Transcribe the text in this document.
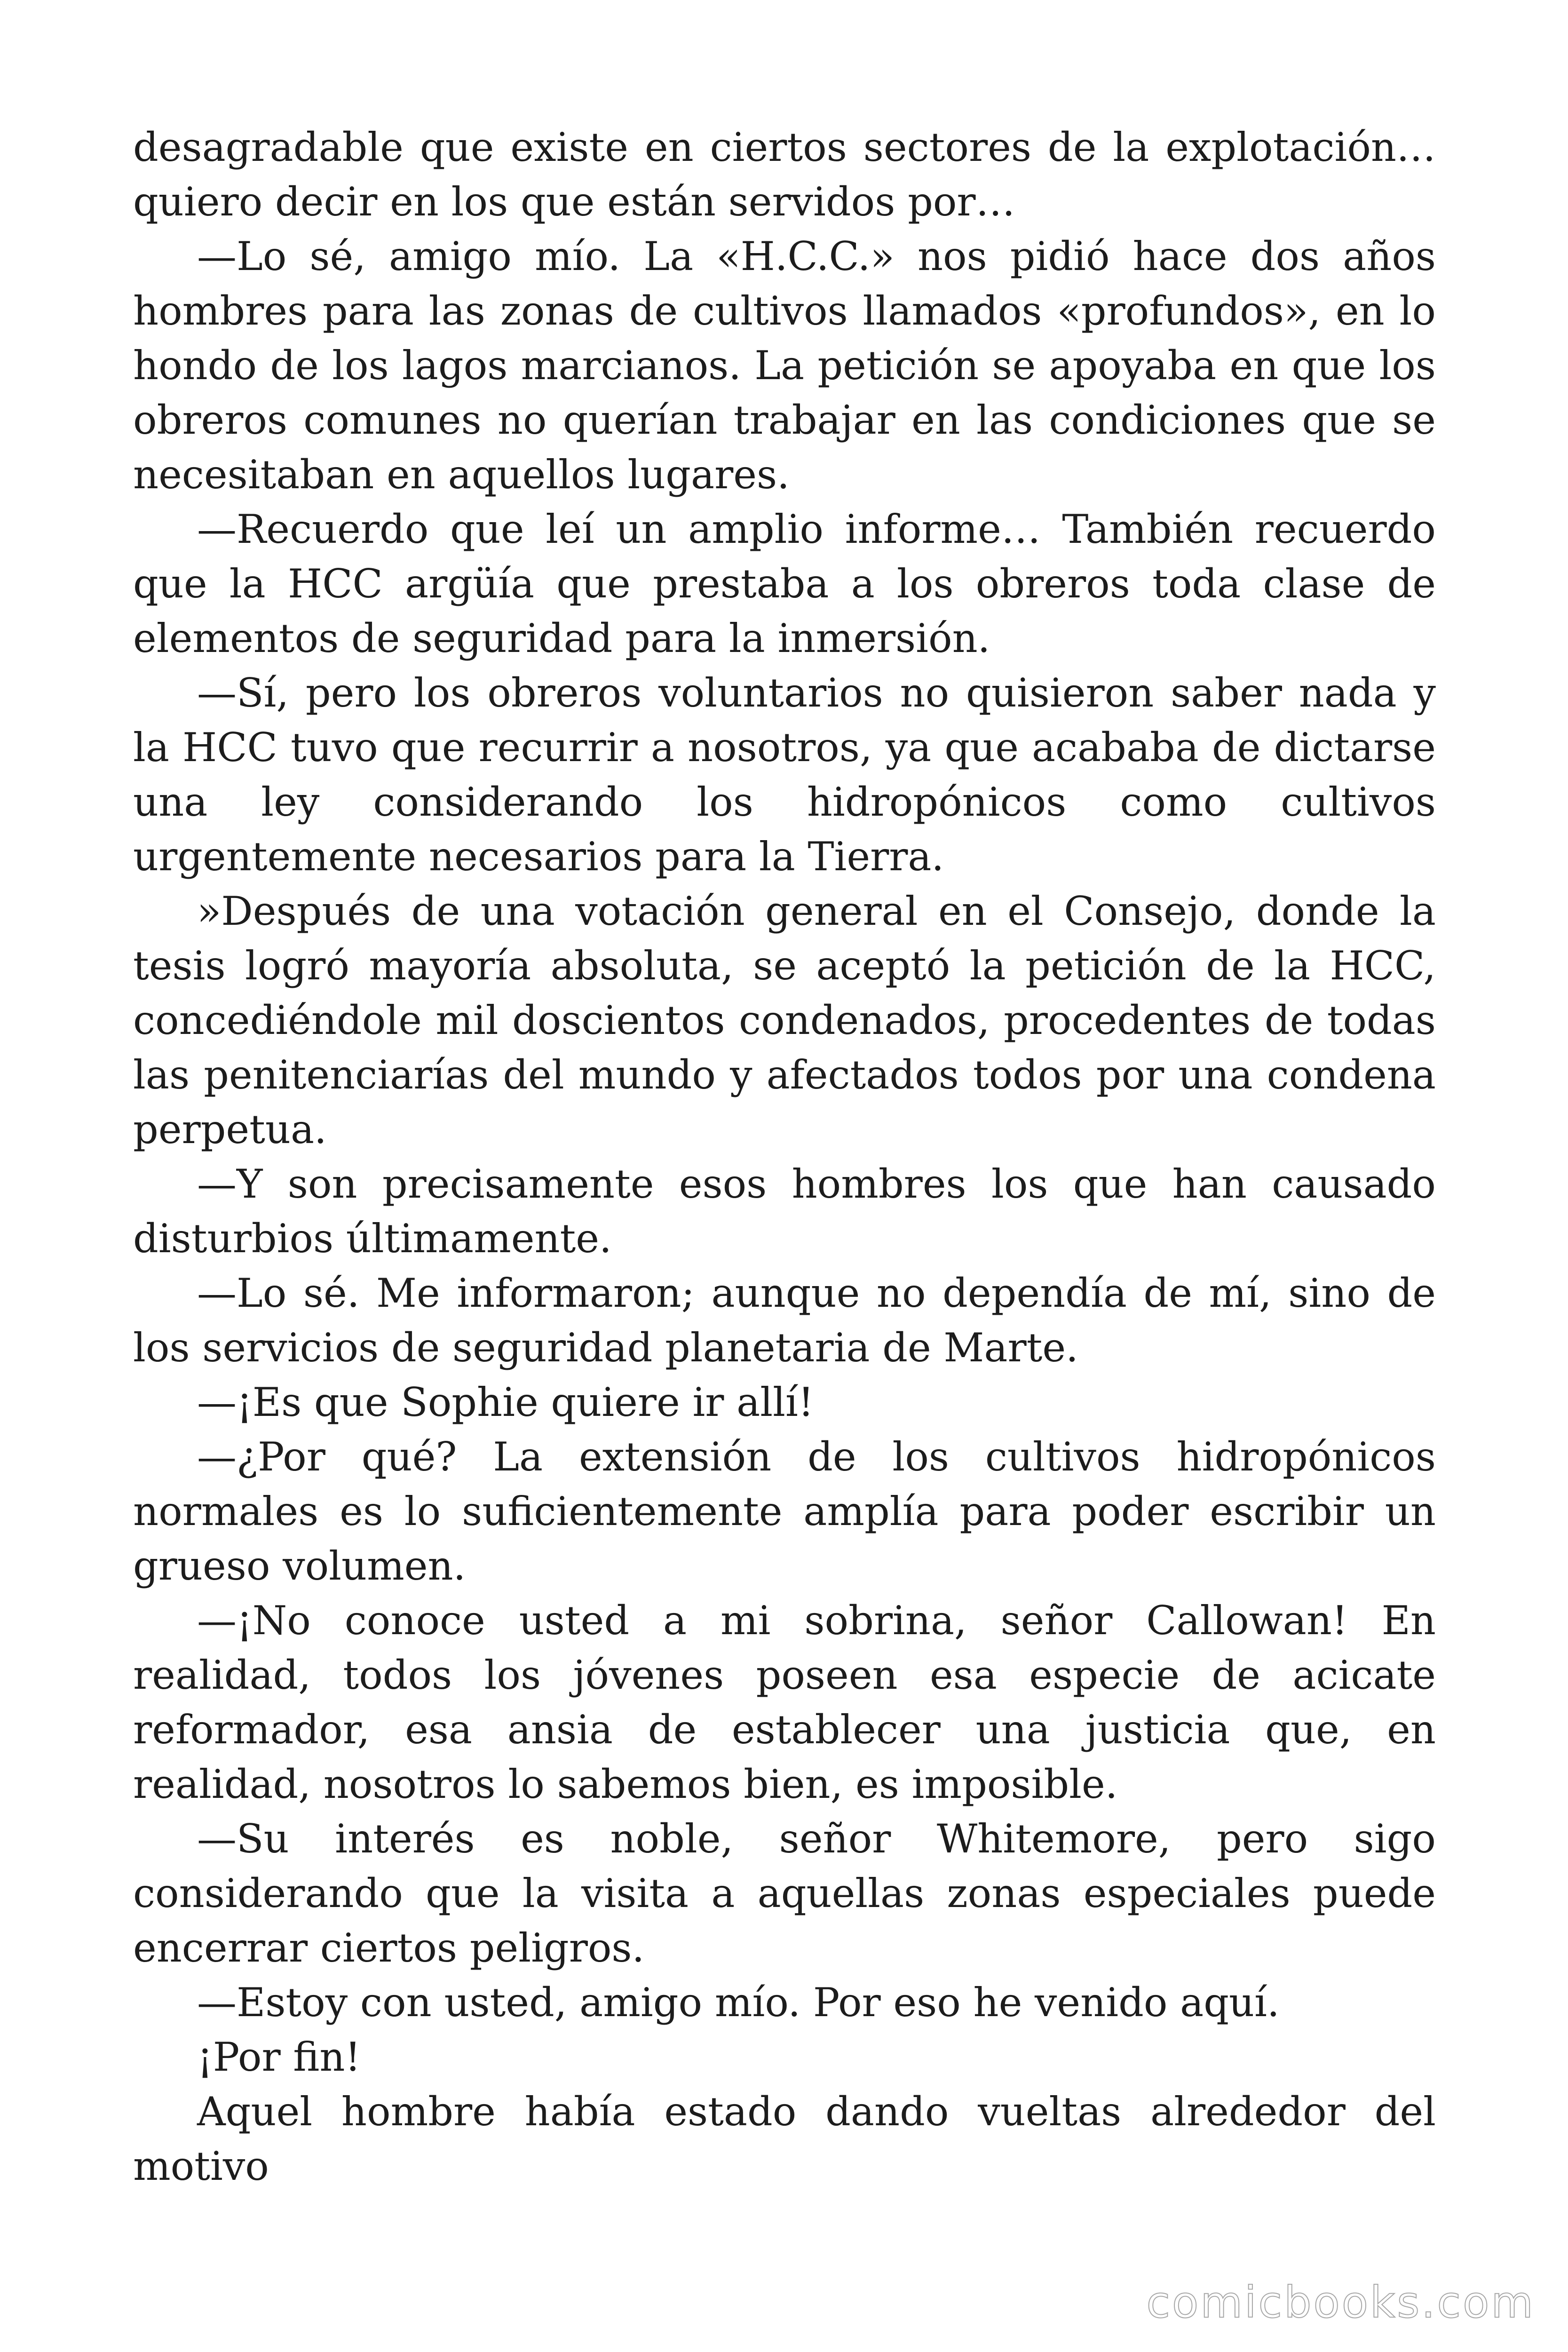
desagradable que existe en ciertos sectores de la explotación… quiero decir en los que están servidos por…

—Lo sé, amigo mío. La «H.C.C.» nos pidió hace dos años hombres para las zonas de cultivos llamados «profundos», en lo hondo de los lagos marcianos. La petición se apoyaba en que los obreros comunes no querían trabajar en las condiciones que se necesitaban en aquellos lugares.

—Recuerdo que leí un amplio informe… También recuerdo que la HCC argüía que prestaba a los obreros toda clase de elementos de seguridad para la inmersión.

—Sí, pero los obreros voluntarios no quisieron saber nada y la HCC tuvo que recurrir a nosotros, ya que acababa de dictarse una ley considerando los hidropónicos como cultivos urgentemente necesarios para la Tierra.

»Después de una votación general en el Consejo, donde la tesis logró mayoría absoluta, se aceptó la petición de la HCC, concediéndole mil doscientos condenados, procedentes de todas las penitenciarías del mundo y afectados todos por una condena perpetua.

—Y son precisamente esos hombres los que han causado disturbios últimamente.

—Lo sé. Me informaron; aunque no dependía de mí, sino de los servicios de seguridad planetaria de Marte.

—¡Es que Sophie quiere ir allí!

—¿Por qué? La extensión de los cultivos hidropónicos normales es lo suficientemente amplía para poder escribir un grueso volumen.

—¡No conoce usted a mi sobrina, señor Callowan! En realidad, todos los jóvenes poseen esa especie de acicate reformador, esa ansia de establecer una justicia que, en realidad, nosotros lo sabemos bien, es imposible.

—Su interés es noble, señor Whitemore, pero sigo considerando que la visita a aquellas zonas especiales puede encerrar ciertos peligros.

—Estoy con usted, amigo mío. Por eso he venido aquí.

¡Por fin!

Aquel hombre había estado dando vueltas alrededor del motivo

comicbooks.com
